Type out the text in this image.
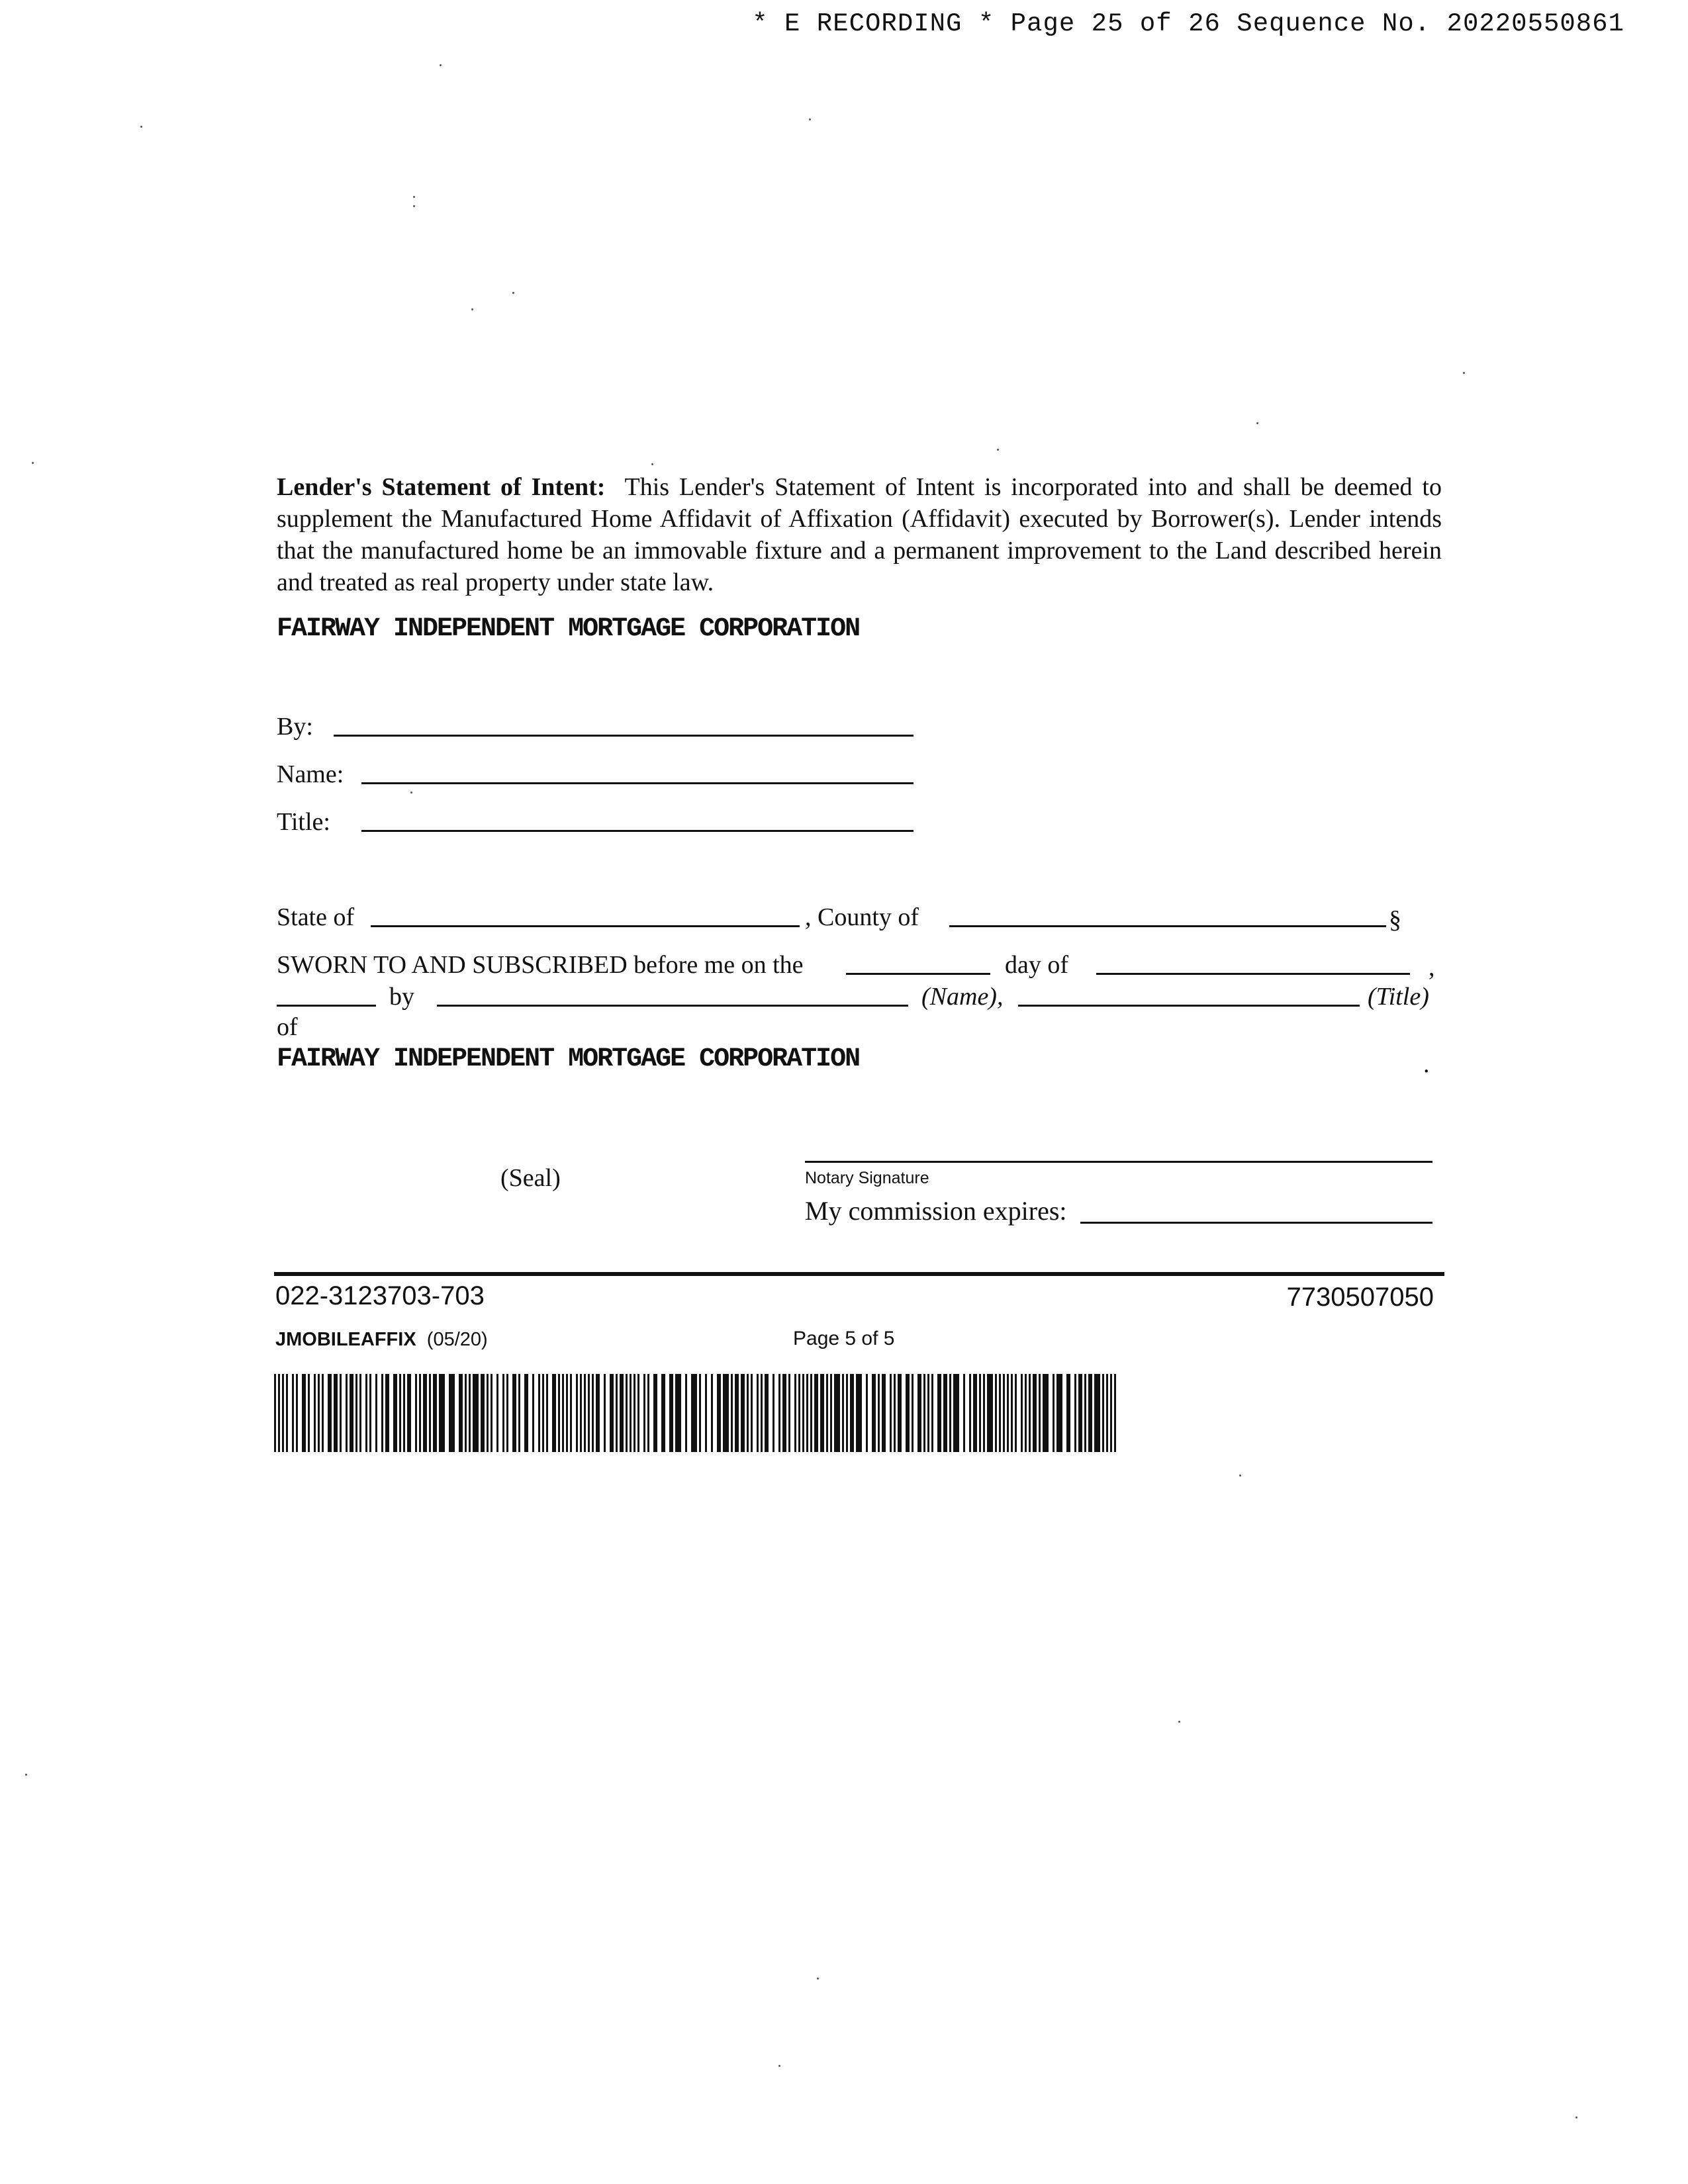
* E RECORDING * Page 25 of 26 Sequence No. 20220550861
Lender's Statement of Intent: This Lender's Statement of Intent is incorporated into and shall be deemed to supplement the Manufactured Home Affidavit of Affixation (Affidavit) executed by Borrower(s). Lender intends that the manufactured home be an immovable fixture and a permanent improvement to the Land described herein and treated as real property under state law.
FAIRWAY INDEPENDENT MORTGAGE CORPORATION
By:
Name:
Title:
State of	, County of	§
SWORN TO AND SUBSCRIBED before me on the	day of	,
by	(Name),	(Title)
of
FAIRWAY INDEPENDENT MORTGAGE CORPORATION	.
(Seal)	Notary Signature
My commission expires:
022-3123703-703	7730507050
JMOBILEAFFIX (05/20)	Page 5 of 5
